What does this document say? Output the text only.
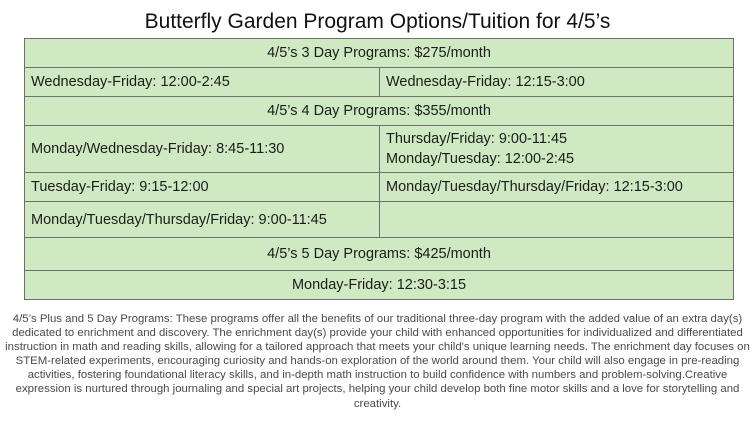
Butterfly Garden Program Options/Tuition for 4/5’s
4/5’s 3 Day Programs: $275/month	
Wednesday-Friday: 12:00-2:45	Wednesday-Friday: 12:15-3:00
4/5’s 4 Day Programs: $355/month	
Monday/Wednesday-Friday: 8:45-11:30	Thursday/Friday: 9:00-11:45
Monday/Tuesday: 12:00-2:45

Tuesday-Friday: 9:15-12:00	Monday/Tuesday/Thursday/Friday: 12:15-3:00
Monday/Tuesday/Thursday/Friday: 9:00-11:45	
4/5’s 5 Day Programs: $425/month	
Monday-Friday: 12:30-3:15	
4/5’s Plus and 5 Day Programs: These programs offer all the benefits of our traditional three-day program with the added value of an extra day(s) dedicated to enrichment and discovery. The enrichment day(s) provide your child with enhanced opportunities for individualized and differentiated instruction in math and reading skills, allowing for a tailored approach that meets your child's unique learning needs. The enrichment day focuses on STEM-related experiments, encouraging curiosity and hands-on exploration of the world around them. Your child will also engage in pre-reading activities, fostering foundational literacy skills, and in-depth math instruction to build confidence with numbers and problem-solving.Creative expression is nurtured through journaling and special art projects, helping your child develop both fine motor skills and a love for storytelling and creativity.
